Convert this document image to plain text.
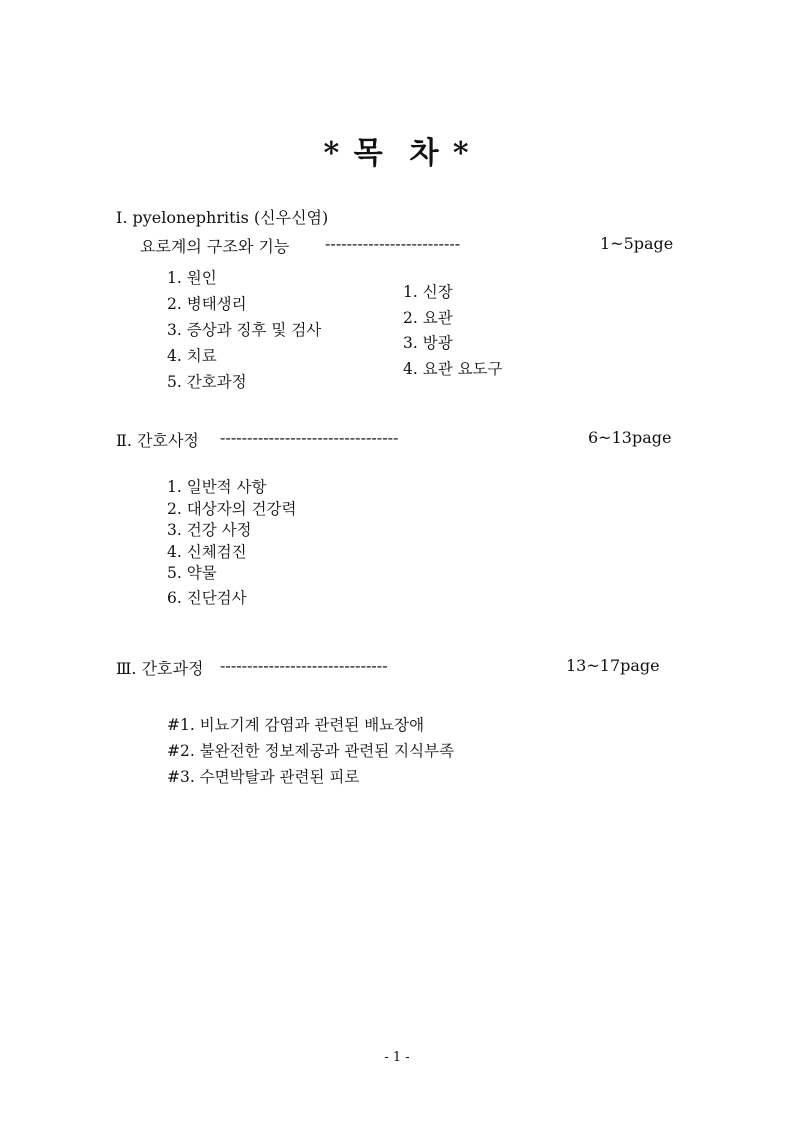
* 목  차 *
Ⅰ. pyelonephritis (신우신염)
요로계의 구조와 기능 -------------------------	1~5page
1. 원인
2. 병태생리
3. 증상과 징후 및 검사
4. 치료
5. 간호과정
1. 신장
2. 요관
3. 방광
4. 요관 요도구
Ⅱ. 간호사정 ---------------------------------	6~13page
1. 일반적 사항
2. 대상자의 건강력
3. 건강 사정
4. 신체검진
5. 약물
6. 진단검사
Ⅲ. 간호과정 -------------------------------	13~17page
#1. 비뇨기계 감염과 관련된 배뇨장애
#2. 불완전한 정보제공과 관련된 지식부족
#3. 수면박탈과 관련된 피로
- 1 -
